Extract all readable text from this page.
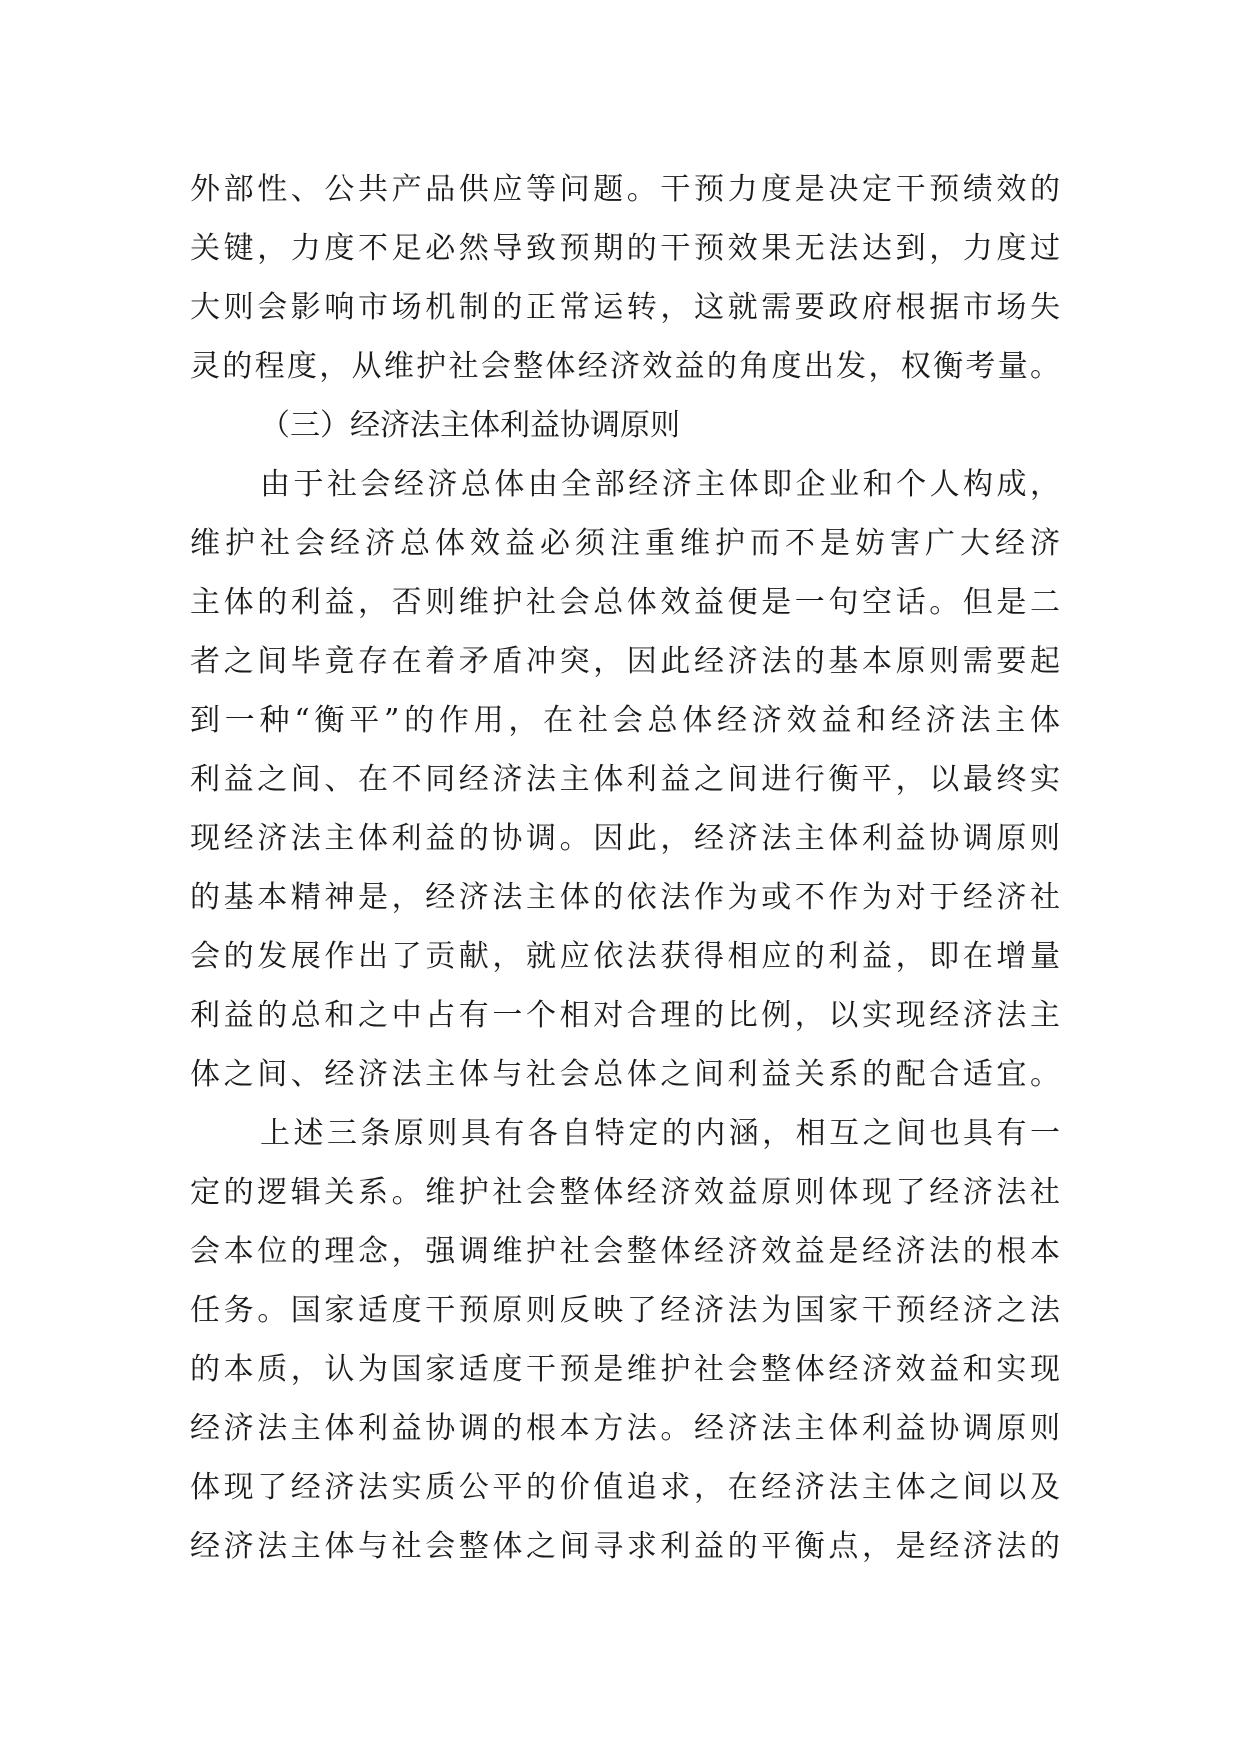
外部性、公共产品供应等问题。干预力度是决定干预绩效的
关键，力度不足必然导致预期的干预效果无法达到，力度过
大则会影响市场机制的正常运转，这就需要政府根据市场失
灵的程度，从维护社会整体经济效益的角度出发，权衡考量。
（三）经济法主体利益协调原则
由于社会经济总体由全部经济主体即企业和个人构成，
维护社会经济总体效益必须注重维护而不是妨害广大经济
主体的利益，否则维护社会总体效益便是一句空话。但是二
者之间毕竟存在着矛盾冲突，因此经济法的基本原则需要起
到一种“衡平”的作用，在社会总体经济效益和经济法主体
利益之间、在不同经济法主体利益之间进行衡平，以最终实
现经济法主体利益的协调。因此，经济法主体利益协调原则
的基本精神是，经济法主体的依法作为或不作为对于经济社
会的发展作出了贡献，就应依法获得相应的利益，即在增量
利益的总和之中占有一个相对合理的比例，以实现经济法主
体之间、经济法主体与社会总体之间利益关系的配合适宜。
上述三条原则具有各自特定的内涵，相互之间也具有一
定的逻辑关系。维护社会整体经济效益原则体现了经济法社
会本位的理念，强调维护社会整体经济效益是经济法的根本
任务。国家适度干预原则反映了经济法为国家干预经济之法
的本质，认为国家适度干预是维护社会整体经济效益和实现
经济法主体利益协调的根本方法。经济法主体利益协调原则
体现了经济法实质公平的价值追求，在经济法主体之间以及
经济法主体与社会整体之间寻求利益的平衡点，是经济法的
